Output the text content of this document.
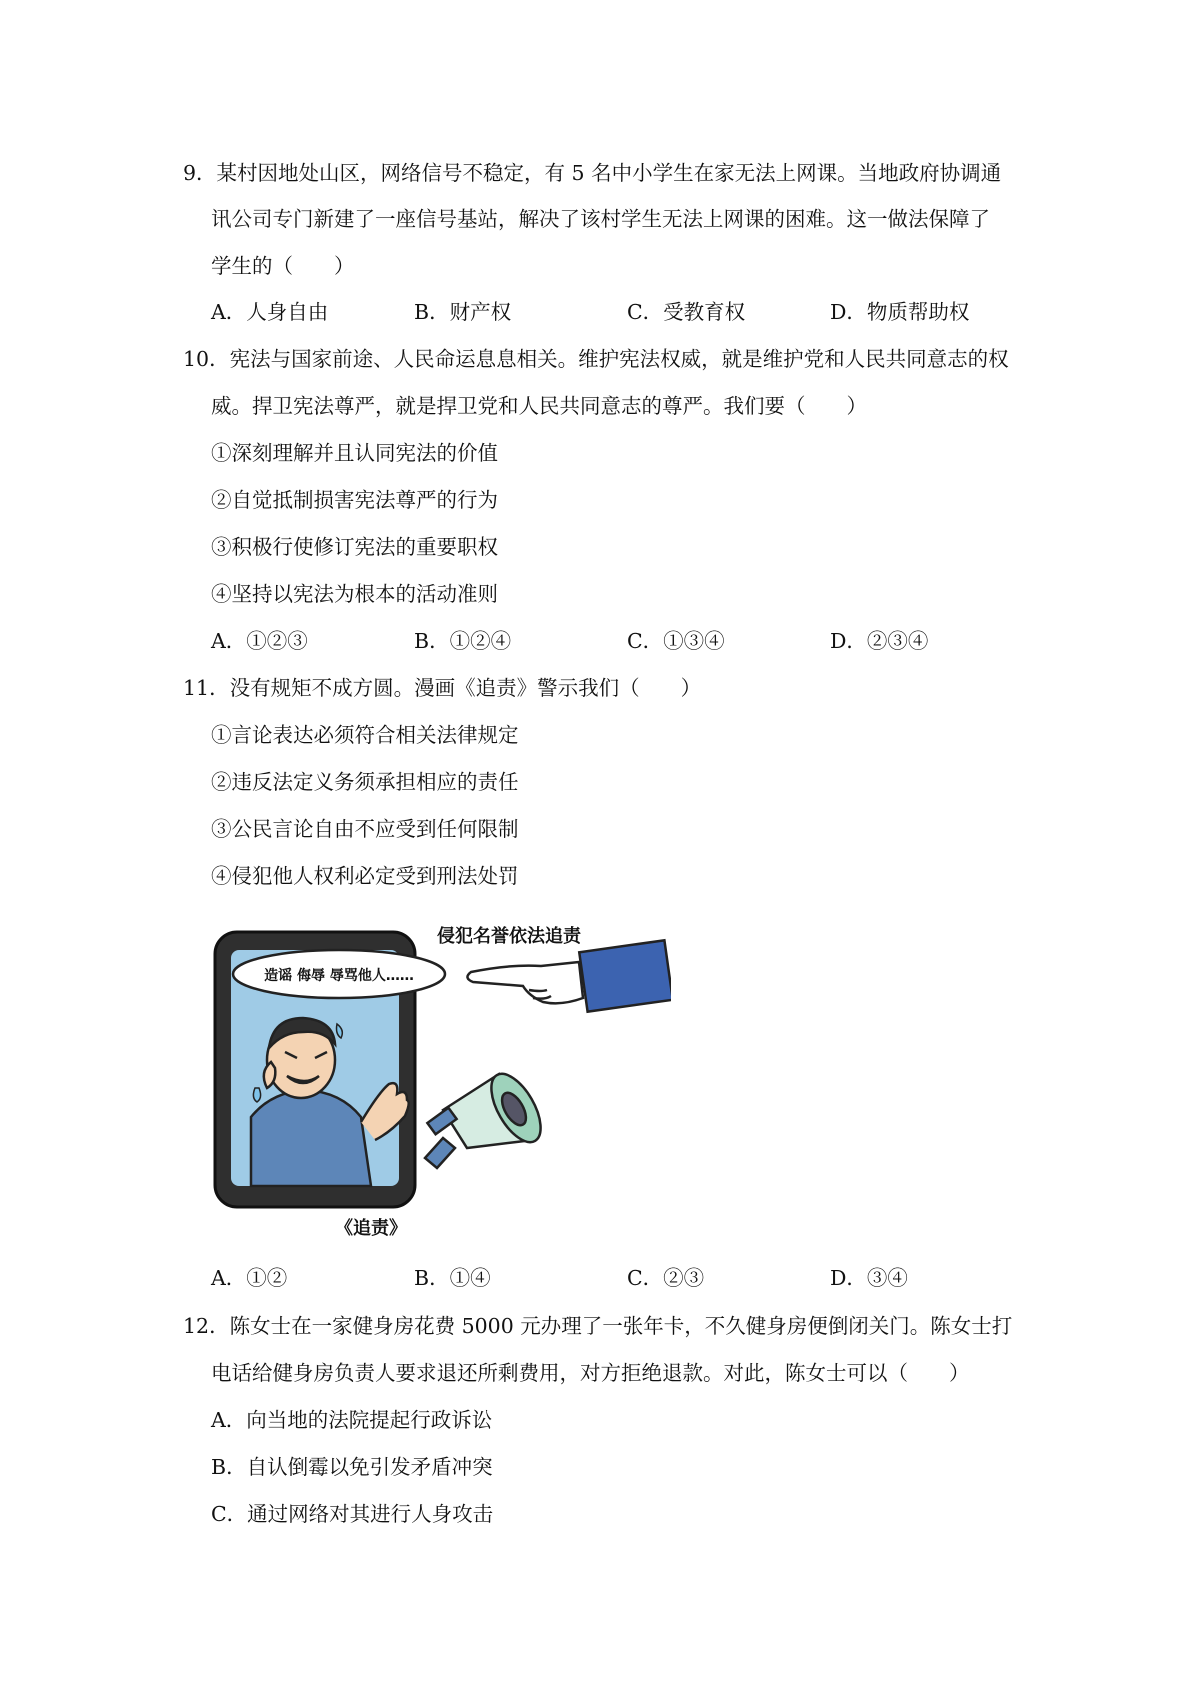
9．某村因地处山区，网络信号不稳定，有 5 名中小学生在家无法上网课。当地政府协调通
讯公司专门新建了一座信号基站，解决了该村学生无法上网课的困难。这一做法保障了
学生的（　　）
A．人身自由	B．财产权	C．受教育权	D．物质帮助权
10．宪法与国家前途、人民命运息息相关。维护宪法权威，就是维护党和人民共同意志的权
威。捍卫宪法尊严，就是捍卫党和人民共同意志的尊严。我们要（　　）
①深刻理解并且认同宪法的价值
②自觉抵制损害宪法尊严的行为
③积极行使修订宪法的重要职权
④坚持以宪法为根本的活动准则
A．①②③	B．①②④	C．①③④	D．②③④
11．没有规矩不成方圆。漫画《追责》警示我们（　　）
①言论表达必须符合相关法律规定
②违反法定义务须承担相应的责任
③公民言论自由不应受到任何限制
④侵犯他人权利必定受到刑法处罚
造谣 侮辱 辱骂他人……
侵犯名誉依法追责
《追责》
A．①②	B．①④	C．②③	D．③④
12．陈女士在一家健身房花费 5000 元办理了一张年卡，不久健身房便倒闭关门。陈女士打
电话给健身房负责人要求退还所剩费用，对方拒绝退款。对此，陈女士可以（　　）
A．向当地的法院提起行政诉讼
B．自认倒霉以免引发矛盾冲突
C．通过网络对其进行人身攻击
